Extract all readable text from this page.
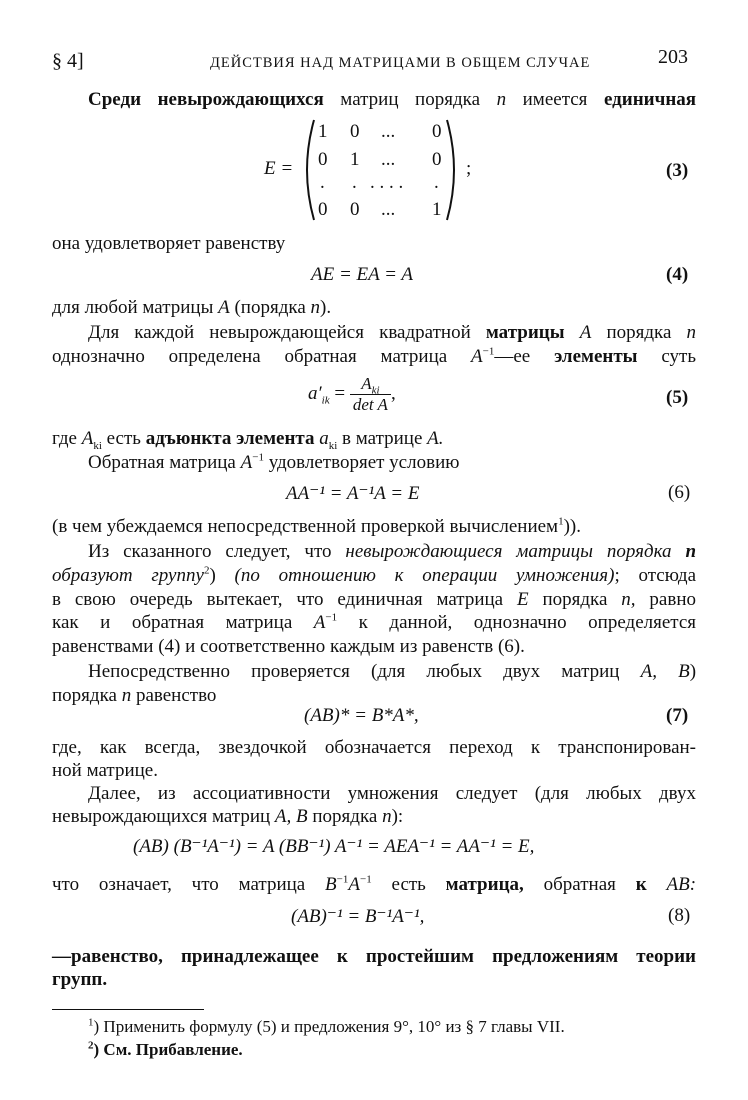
§ 4]	ДЕЙСТВИЯ НАД МАТРИЦАМИ В ОБЩЕМ СЛУЧАЕ	203
Среди невырождающихся матриц порядка n имеется единичная
E =
1 0 ... 0
0 1 ... 0
. . . . . . .
0 0 ... 1
;	(3)
она удовлетворяет равенству
AE = EA = A	(4)
для любой матрицы A (порядка n).
Для каждой невырождающейся квадратной матрицы A порядка n
однозначно определена обратная матрица $A^{-1}—ее$ элементы суть
$a'_{ik} = \frac{A_{ki}}{\text{det A}}$ ,	(5)
где $A_{ki}$ есть адъюнкта элемента $a_{ki}$ в матрице A.
Обратная матрица $A^{-1}$ удовлетворяет условию
AA⁻¹ = A⁻¹A = E	(6)
(в чем убеждаемся непосредственной проверкой вычислением$^1$)).
Из сказанного следует, что невырождающиеся матрицы порядка n
образуют группу$^2$) (по отношению к операции умножения); отсюда
в свою очередь вытекает, что единичная матрица E порядка n, равно
как и обратная матрица $A^{-1}$ к данной, однозначно определяется
равенствами (4) и соответственно каждым из равенств (6).
Непосредственно проверяется (для любых двух матриц A, B)
порядка n равенство
(AB)* = B*A*,	(7)
где, как всегда, звездочкой обозначается переход к транспонирован-
ной матрице.
Далее, из ассоциативности умножения следует (для любых двух
невырождающихся матриц A, B порядка n):
(AB) (B⁻¹A⁻¹) = A (BB⁻¹) A⁻¹ = AEA⁻¹ = AA⁻¹ = E,
что означает, что матрица $B^{-1}A^{-1}$ есть матрица, обратная к AB:
(AB)⁻¹ = B⁻¹A⁻¹,	(8)
—равенство, принадлежащее к простейшим предложениям теории
групп.
$^1$) Применить формулу (5) и предложения 9°, 10° из § 7 главы VII.
$^2$) См. Прибавление.
